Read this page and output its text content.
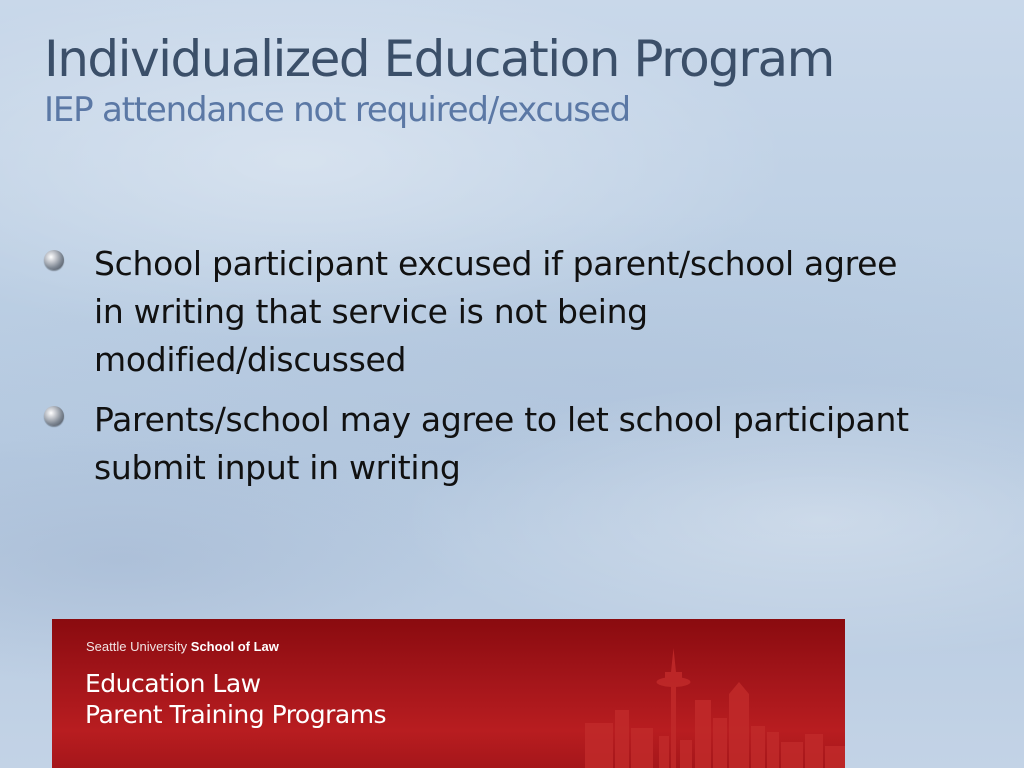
Individualized Education Program
IEP attendance not required/excused
School participant excused if parent/school agree in writing that service is not being modified/discussed
Parents/school may agree to let school participant submit input in writing
Seattle University School of Law
Education Law
Parent Training Programs
